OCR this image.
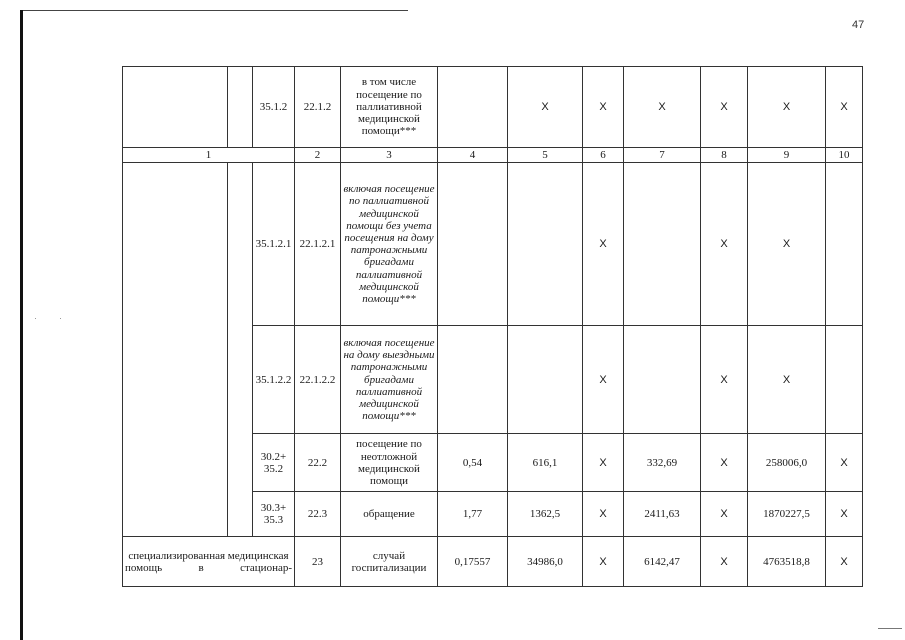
47
		35.1.2	22.1.2	в том числе посещение по паллиативной медицинской помощи***		X	X	X	X	X	X
1			2	3	4	5	6	7	8	9	10
		35.1.2.1	22.1.2.1	включая посещение по паллиативной медицинской помощи без учета посещения на дому патронажными бригадами паллиативной медицинской помощи***			X		X	X	
		35.1.2.2	22.1.2.2	включая посещение на дому выездными патронажными бригадами паллиативной медицинской помощи***			X		X	X	
		30.2+ 35.2	22.2	посещение по неотложной медицинской помощи	0,54	616,1	X	332,69	X	258006,0	X
		30.3+ 35.3	22.3	обращение	1,77	1362,5	X	2411,63	X	1870227,5	X
специализированная медицинская помощь в стационар-			23	случай госпитализации	0,17557	34986,0	X	6142,47	X	4763518,8	X
